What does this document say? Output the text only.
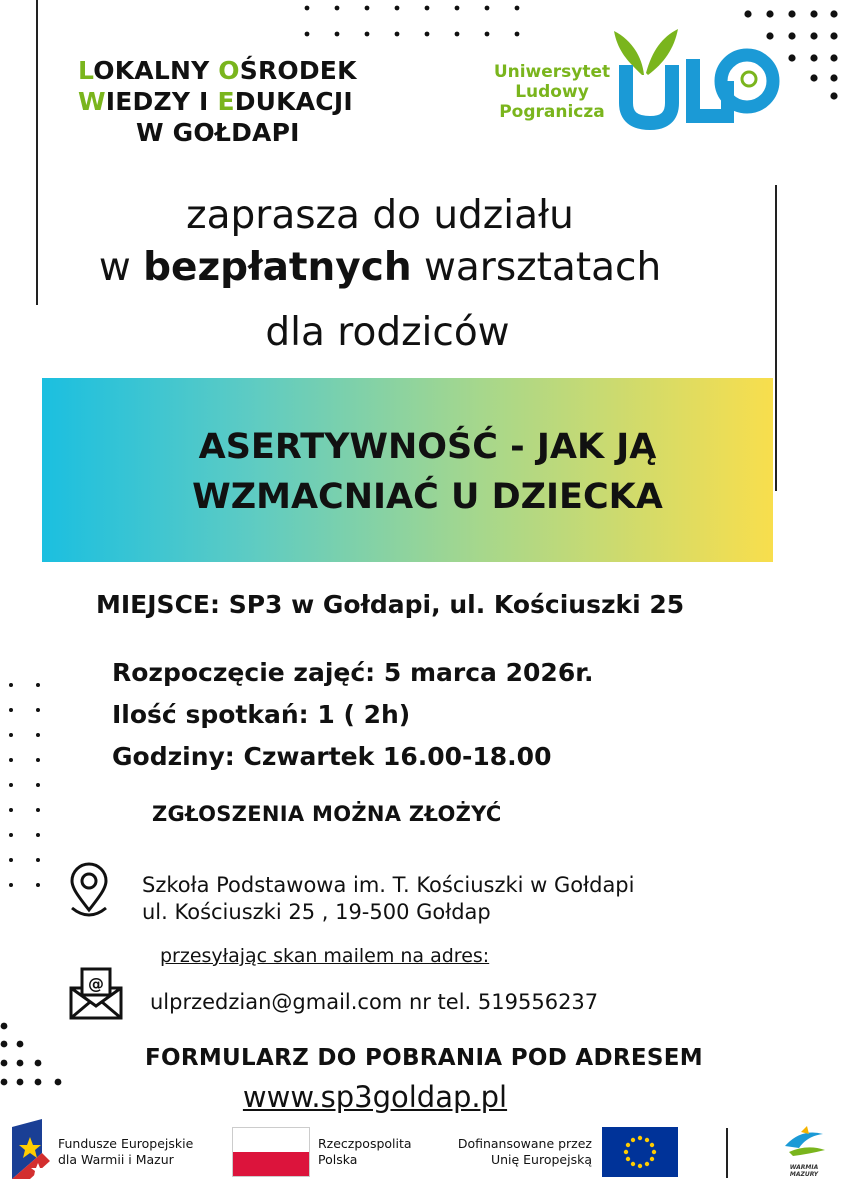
LOKALNY OŚRODEK
WIEDZY I EDUKACJI
W GOŁDAPI
Uniwersytet
Ludowy
Pogranicza
zaprasza do udziału
w bezpłatnych warsztatach
dla rodziców
ASERTYWNOŚĆ - JAK JĄ
WZMACNIAĆ U DZIECKA
MIEJSCE: SP3 w Gołdapi, ul. Kościuszki 25
Rozpoczęcie zajęć: 5 marca 2026r.
Ilość spotkań: 1 ( 2h)
Godziny: Czwartek 16.00-18.00
ZGŁOSZENIA MOŻNA ZŁOŻYĆ
Szkoła Podstawowa im. T. Kościuszki w Gołdapi
ul. Kościuszki 25 , 19-500 Gołdap
przesyłając skan mailem na adres:
@
ulprzedzian@gmail.com nr tel. 519556237
FORMULARZ DO POBRANIA POD ADRESEM
www.sp3goldap.pl
Fundusze Europejskie
dla Warmii i Mazur
Rzeczpospolita
Polska
Dofinansowane przez
Unię Europejską
WARMIA
MAZURY
